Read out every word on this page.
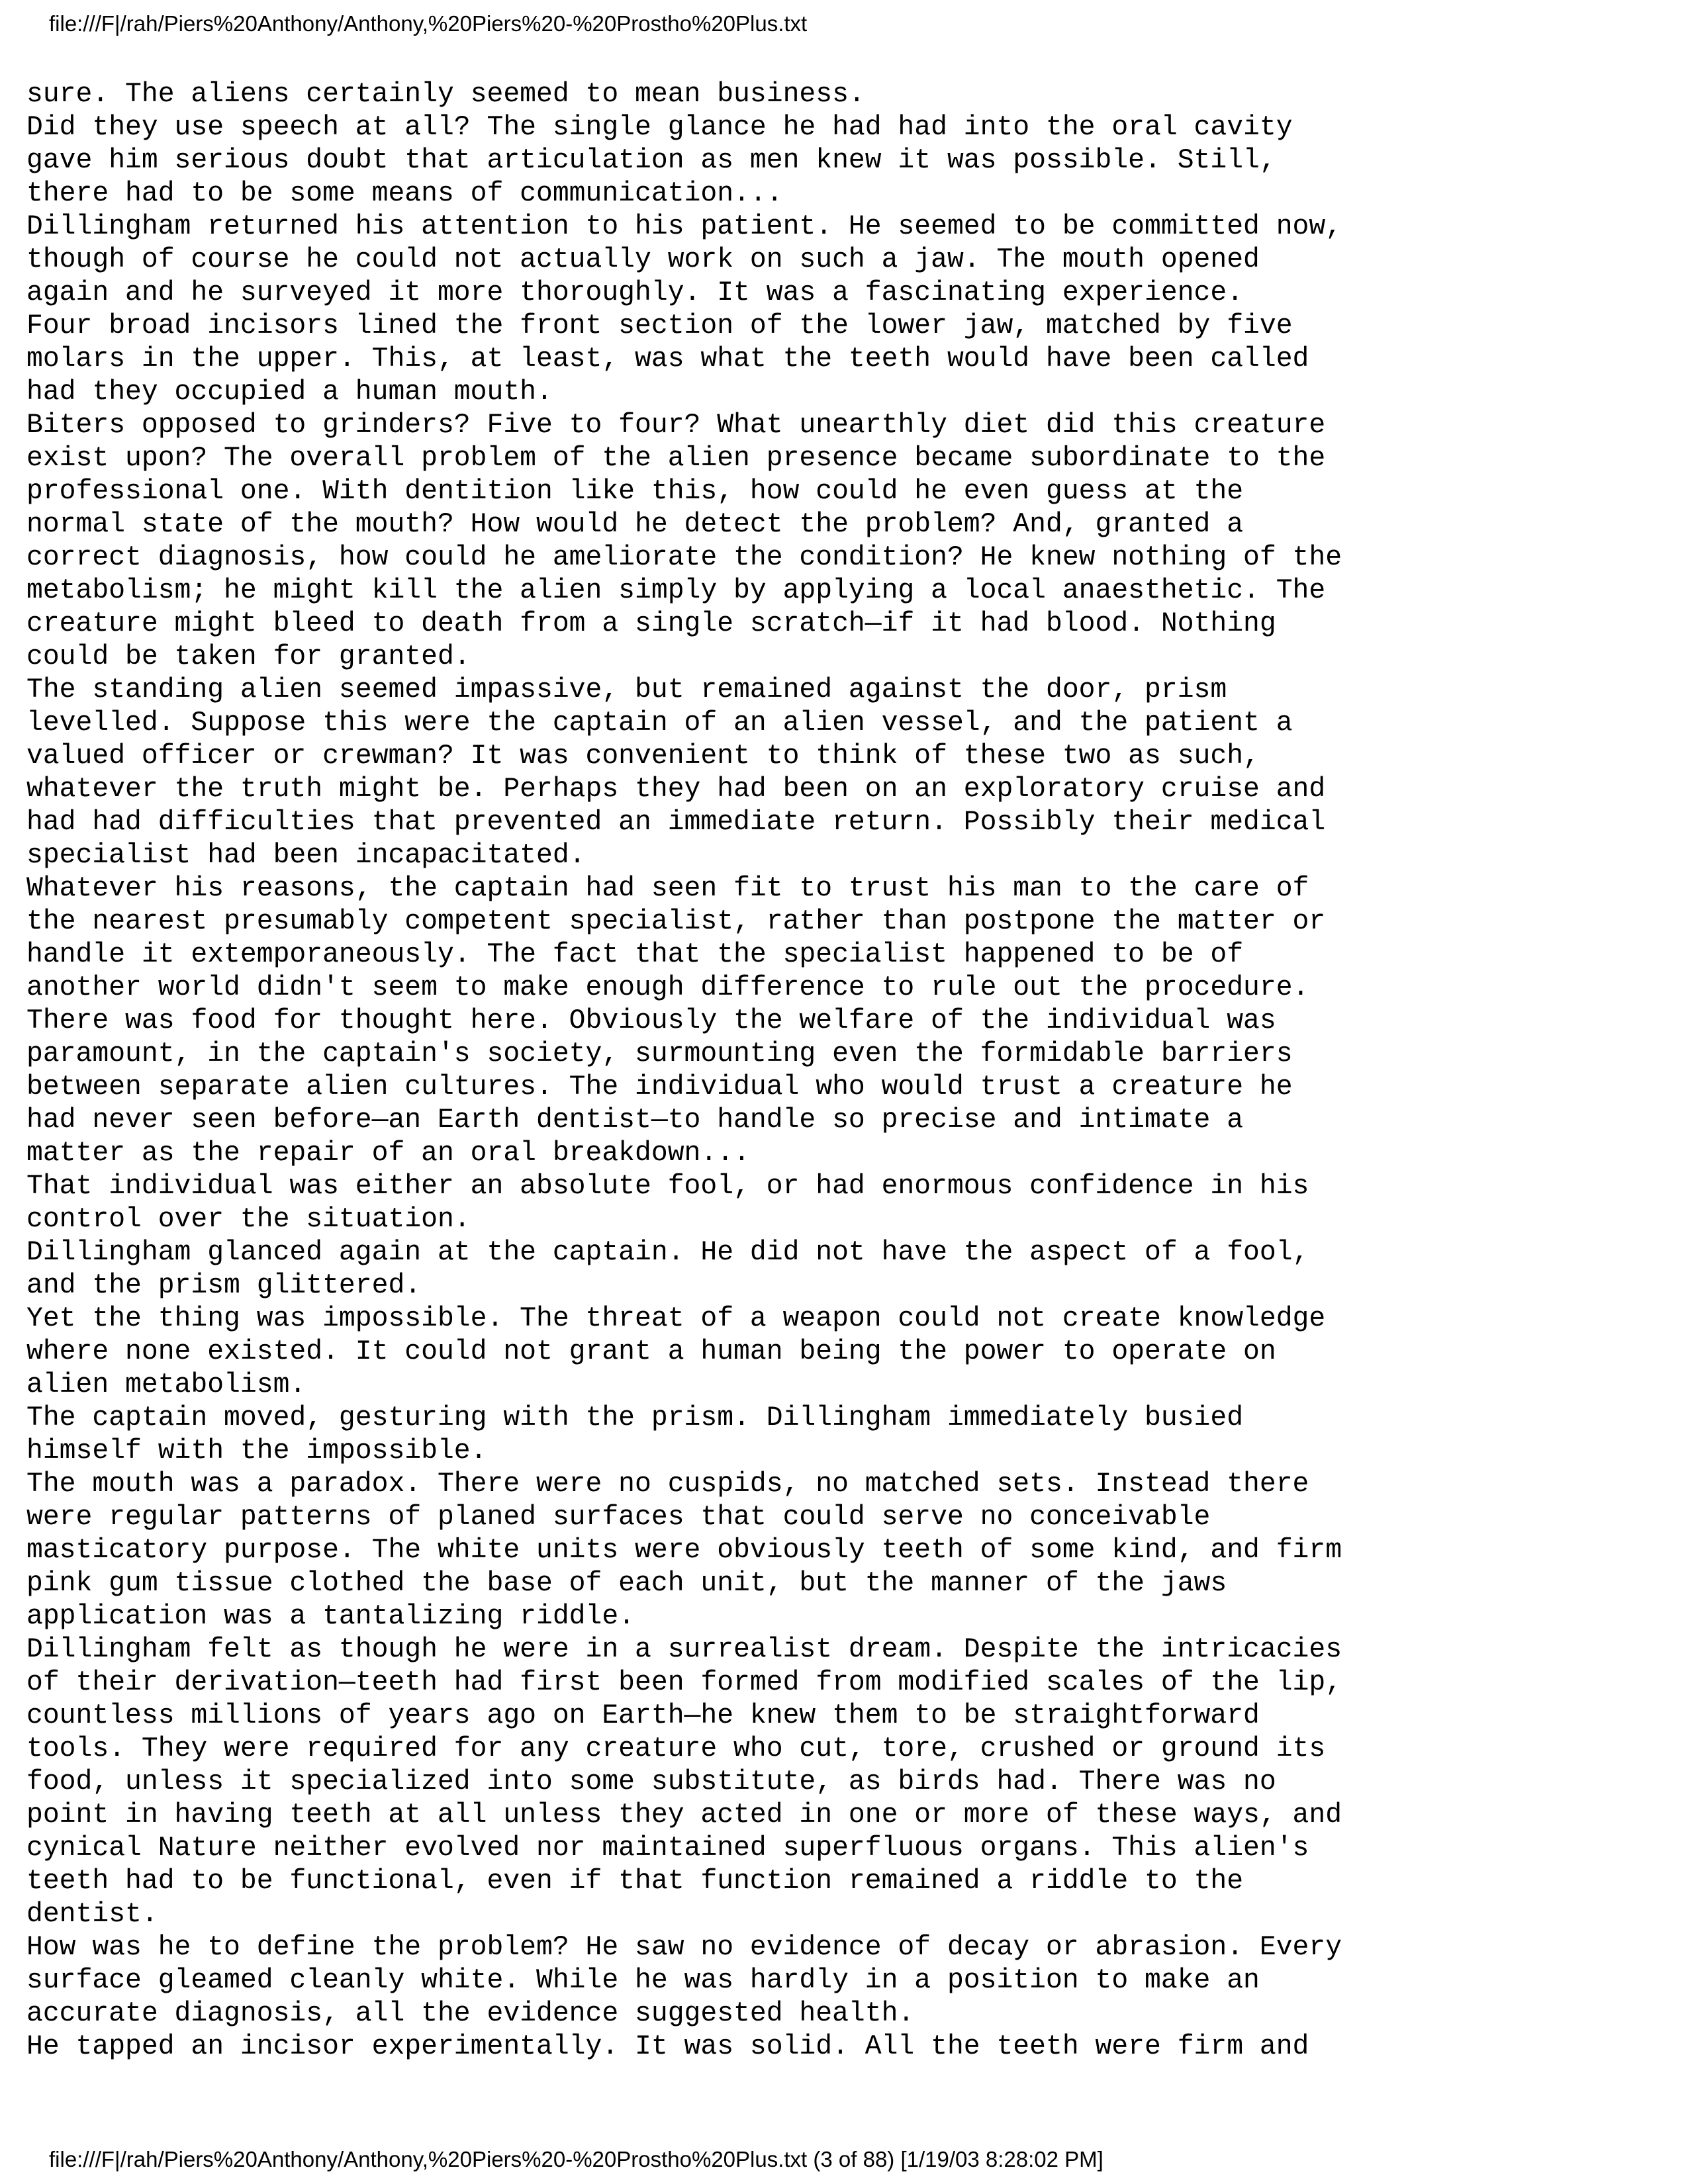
file:///F|/rah/Piers%20Anthony/Anthony,%20Piers%20-%20Prostho%20Plus.txt
sure. The aliens certainly seemed to mean business.
Did they use speech at all? The single glance he had had into the oral cavity
gave him serious doubt that articulation as men knew it was possible. Still,
there had to be some means of communication...
Dillingham returned his attention to his patient. He seemed to be committed now,
though of course he could not actually work on such a jaw. The mouth opened
again and he surveyed it more thoroughly. It was a fascinating experience.
Four broad incisors lined the front section of the lower jaw, matched by five
molars in the upper. This, at least, was what the teeth would have been called
had they occupied a human mouth.
Biters opposed to grinders? Five to four? What unearthly diet did this creature
exist upon? The overall problem of the alien presence became subordinate to the
professional one. With dentition like this, how could he even guess at the
normal state of the mouth? How would he detect the problem? And, granted a
correct diagnosis, how could he ameliorate the condition? He knew nothing of the
metabolism; he might kill the alien simply by applying a local anaesthetic. The
creature might bleed to death from a single scratch—if it had blood. Nothing
could be taken for granted.
The standing alien seemed impassive, but remained against the door, prism
levelled. Suppose this were the captain of an alien vessel, and the patient a
valued officer or crewman? It was convenient to think of these two as such,
whatever the truth might be. Perhaps they had been on an exploratory cruise and
had had difficulties that prevented an immediate return. Possibly their medical
specialist had been incapacitated.
Whatever his reasons, the captain had seen fit to trust his man to the care of
the nearest presumably competent specialist, rather than postpone the matter or
handle it extemporaneously. The fact that the specialist happened to be of
another world didn't seem to make enough difference to rule out the procedure.
There was food for thought here. Obviously the welfare of the individual was
paramount, in the captain's society, surmounting even the formidable barriers
between separate alien cultures. The individual who would trust a creature he
had never seen before—an Earth dentist—to handle so precise and intimate a
matter as the repair of an oral breakdown...
That individual was either an absolute fool, or had enormous confidence in his
control over the situation.
Dillingham glanced again at the captain. He did not have the aspect of a fool,
and the prism glittered.
Yet the thing was impossible. The threat of a weapon could not create knowledge
where none existed. It could not grant a human being the power to operate on
alien metabolism.
The captain moved, gesturing with the prism. Dillingham immediately busied
himself with the impossible.
The mouth was a paradox. There were no cuspids, no matched sets. Instead there
were regular patterns of planed surfaces that could serve no conceivable
masticatory purpose. The white units were obviously teeth of some kind, and firm
pink gum tissue clothed the base of each unit, but the manner of the jaws
application was a tantalizing riddle.
Dillingham felt as though he were in a surrealist dream. Despite the intricacies
of their derivation—teeth had first been formed from modified scales of the lip,
countless millions of years ago on Earth—he knew them to be straightforward
tools. They were required for any creature who cut, tore, crushed or ground its
food, unless it specialized into some substitute, as birds had. There was no
point in having teeth at all unless they acted in one or more of these ways, and
cynical Nature neither evolved nor maintained superfluous organs. This alien's
teeth had to be functional, even if that function remained a riddle to the
dentist.
How was he to define the problem? He saw no evidence of decay or abrasion. Every
surface gleamed cleanly white. While he was hardly in a position to make an
accurate diagnosis, all the evidence suggested health.
He tapped an incisor experimentally. It was solid. All the teeth were firm and
file:///F|/rah/Piers%20Anthony/Anthony,%20Piers%20-%20Prostho%20Plus.txt (3 of 88) [1/19/03 8:28:02 PM]
